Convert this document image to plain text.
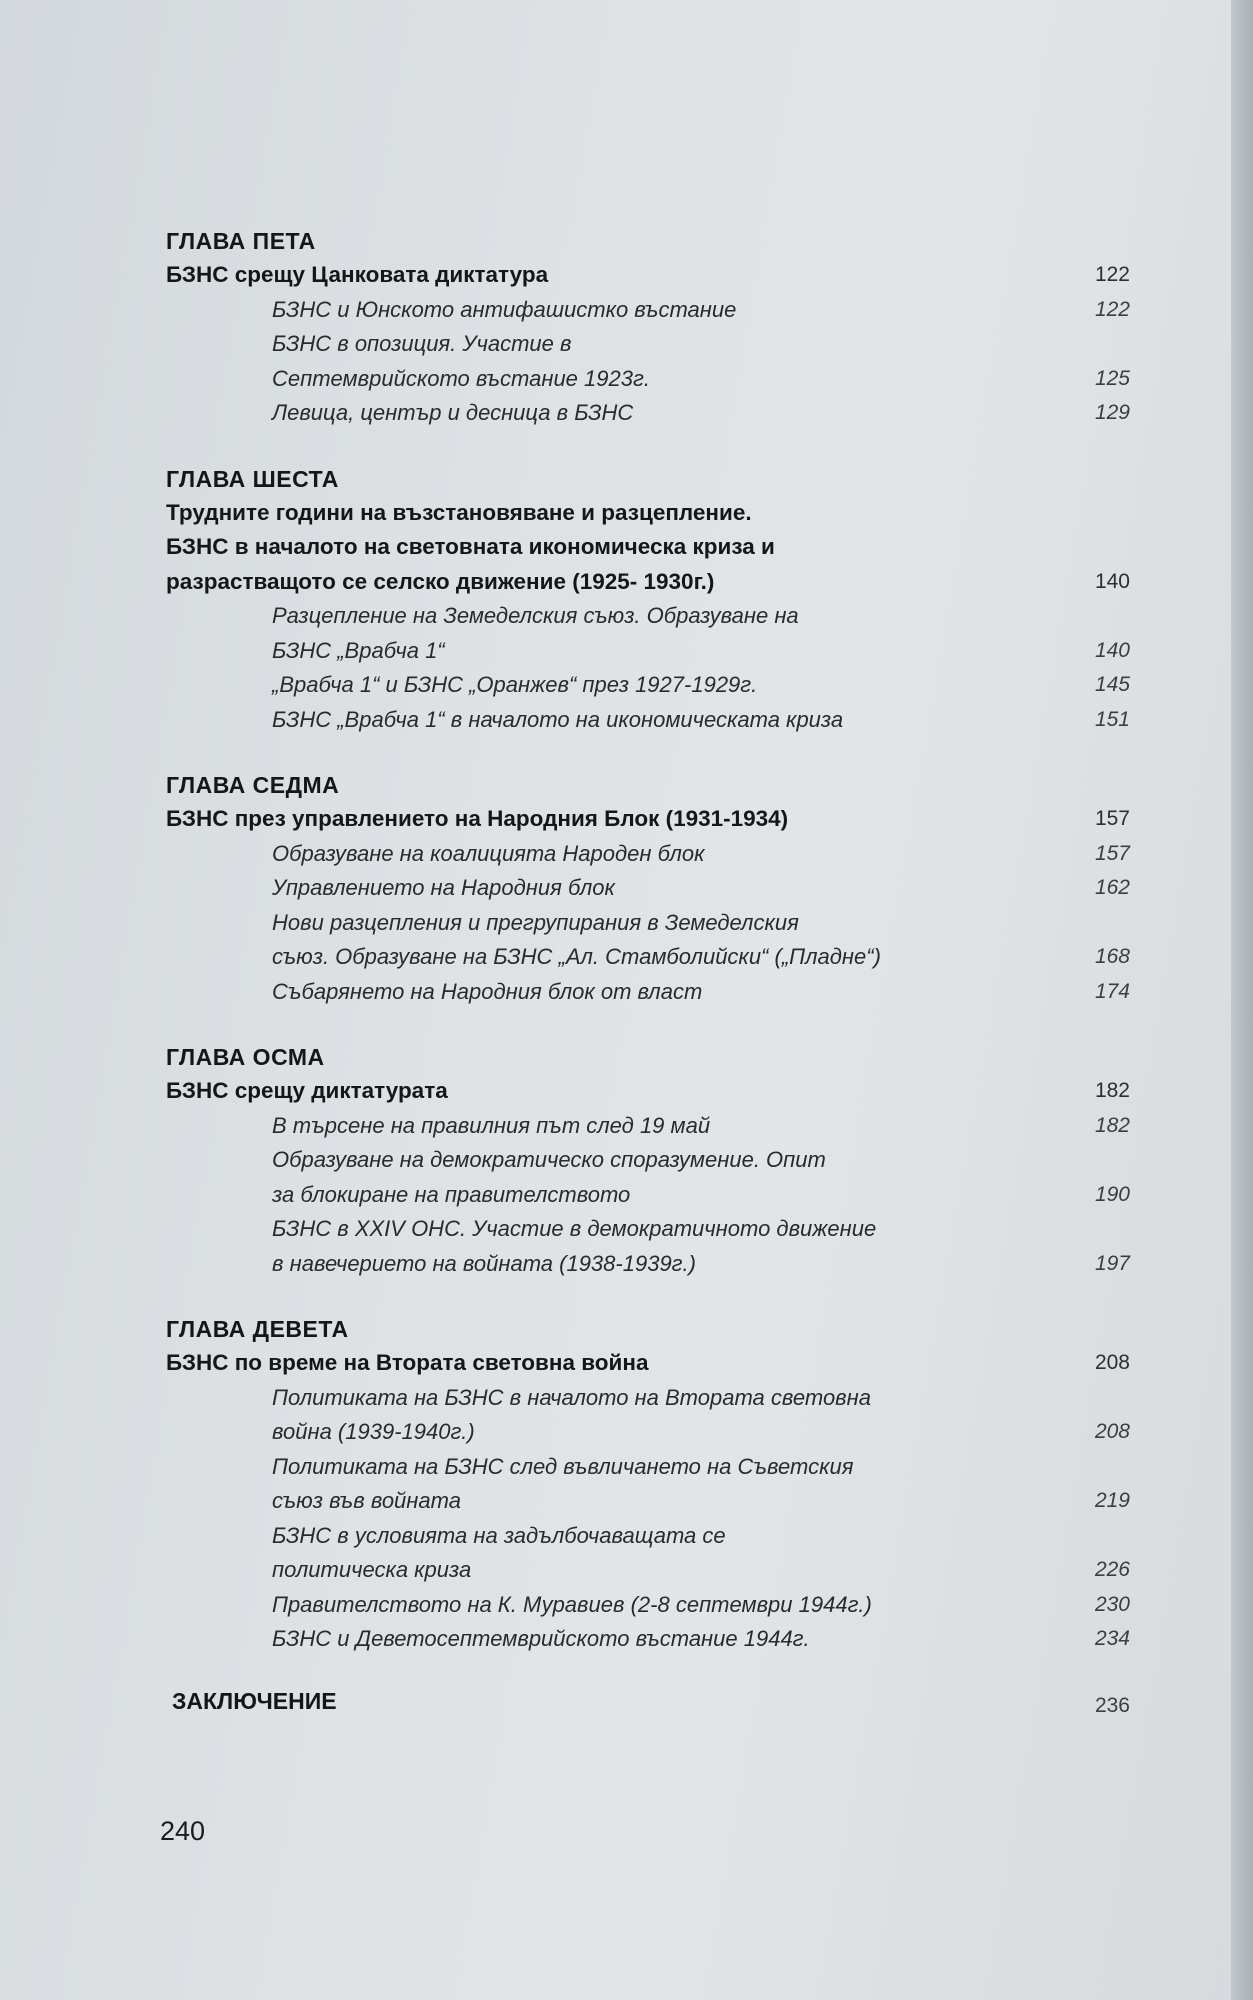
ГЛАВА ПЕТА
БЗНС срещу Цанковата диктатура	122
БЗНС и Юнското антифашистко въстание	122
БЗНС в опозиция. Участие в
Септемврийското въстание 1923г.	125
Левица, център и десница в БЗНС	129
ГЛАВА ШЕСТА
Трудните години на възстановяване и разцепление.
БЗНС в началото на световната икономическа криза и
разрастващото се селско движение (1925- 1930г.)	140
Разцепление на Земеделския съюз. Образуване на
БЗНС „Врабча 1“	140
„Врабча 1“ и БЗНС „Оранжев“ през 1927-1929г.	145
БЗНС „Врабча 1“ в началото на икономическата криза	151
ГЛАВА СЕДМА
БЗНС през управлението на Народния Блок (1931-1934)	157
Образуване на коалицията Народен блок	157
Управлението на Народния блок	162
Нови разцепления и прегрупирания в Земеделския
съюз. Образуване на БЗНС „Ал. Стамболийски“ („Пладне“)	168
Събарянето на Народния блок от власт	174
ГЛАВА ОСМА
БЗНС срещу диктатурата	182
В търсене на правилния път след 19 май	182
Образуване на демократическо споразумение. Опит
за блокиране на правителството	190
БЗНС в XXIV ОНС. Участие в демократичното движение
в навечерието на войната (1938-1939г.)	197
ГЛАВА ДЕВЕТА
БЗНС по време на Втората световна война	208
Политиката на БЗНС в началото на Втората световна
война (1939-1940г.)	208
Политиката на БЗНС след въвличането на Съветския
съюз във войната	219
БЗНС в условията на задълбочаващата се
политическа криза	226
Правителството на К. Муравиев (2-8 септември 1944г.)	230
БЗНС и Деветосептемврийското въстание 1944г.	234
ЗАКЛЮЧЕНИЕ	236
240
